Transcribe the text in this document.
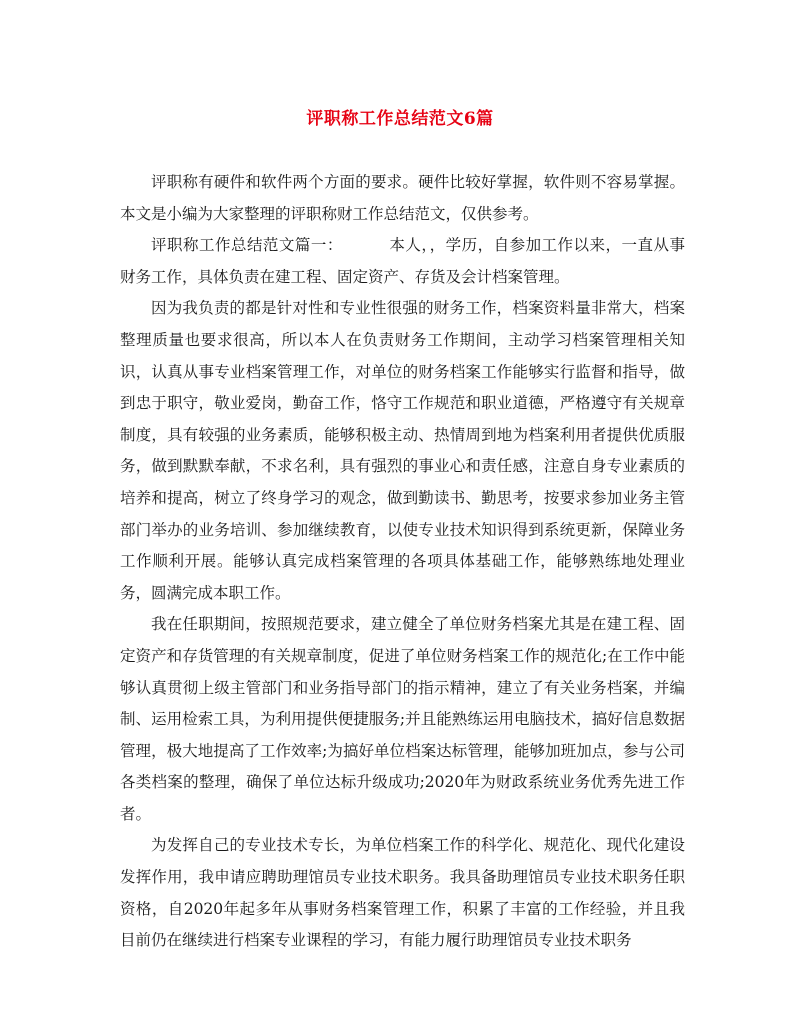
评职称工作总结范文6篇

评职称有硬件和软件两个方面的要求。硬件比较好掌握，软件则不容易掌握。本文是小编为大家整理的评职称财工作总结范文，仅供参考。

评职称工作总结范文篇一：	本人，，学历，自参加工作以来，一直从事财务工作，具体负责在建工程、固定资产、存货及会计档案管理。

因为我负责的都是针对性和专业性很强的财务工作，档案资料量非常大，档案整理质量也要求很高，所以本人在负责财务工作期间，主动学习档案管理相关知识，认真从事专业档案管理工作，对单位的财务档案工作能够实行监督和指导，做到忠于职守，敬业爱岗，勤奋工作，恪守工作规范和职业道德，严格遵守有关规章制度，具有较强的业务素质，能够积极主动、热情周到地为档案利用者提供优质服务，做到默默奉献，不求名利，具有强烈的事业心和责任感，注意自身专业素质的培养和提高，树立了终身学习的观念，做到勤读书、勤思考，按要求参加业务主管部门举办的业务培训、参加继续教育，以使专业技术知识得到系统更新，保障业务工作顺利开展。能够认真完成档案管理的各项具体基础工作，能够熟练地处理业务，圆满完成本职工作。

我在任职期间，按照规范要求，建立健全了单位财务档案尤其是在建工程、固定资产和存货管理的有关规章制度，促进了单位财务档案工作的规范化;在工作中能够认真贯彻上级主管部门和业务指导部门的指示精神，建立了有关业务档案，并编制、运用检索工具，为利用提供便捷服务;并且能熟练运用电脑技术，搞好信息数据管理，极大地提高了工作效率;为搞好单位档案达标管理，能够加班加点，参与公司各类档案的整理，确保了单位达标升级成功;2020年为财政系统业务优秀先进工作者。

为发挥自己的专业技术专长，为单位档案工作的科学化、规范化、现代化建设发挥作用，我申请应聘助理馆员专业技术职务。我具备助理馆员专业技术职务任职资格，自2020年起多年从事财务档案管理工作，积累了丰富的工作经验，并且我目前仍在继续进行档案专业课程的学习，有能力履行助理馆员专业技术职务
